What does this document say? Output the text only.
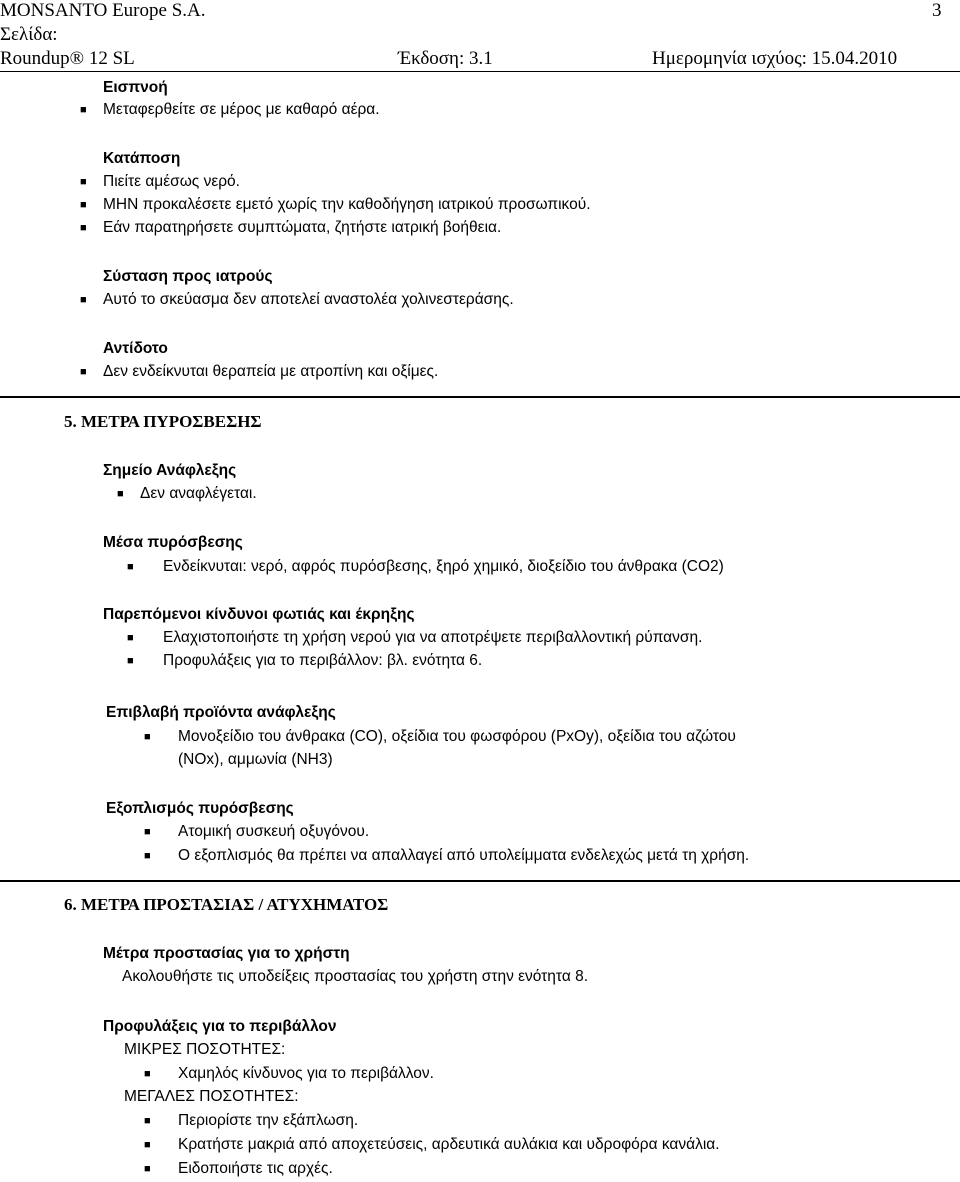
MONSANTO Europe S.A.	3
Σελίδα:
Roundup® 12 SL	Έκδοση: 3.1	Ημερομηνία ισχύος: 15.04.2010
Εισπνοή
■
Μεταφερθείτε σε μέρος με καθαρό αέρα.
Κατάποση
■
Πιείτε αμέσως νερό.
■
ΜΗΝ προκαλέσετε εμετό χωρίς την καθοδήγηση ιατρικού προσωπικού.
■
Εάν παρατηρήσετε συμπτώματα, ζητήστε ιατρική βοήθεια.
Σύσταση προς ιατρούς
■
Αυτό το σκεύασμα δεν αποτελεί αναστολέα χολινεστεράσης.
Αντίδοτο
■
Δεν ενδείκνυται θεραπεία με ατροπίνη και οξίμες.
5. ΜΕΤΡΑ ΠΥΡΟΣΒΕΣΗΣ
Σημείο Ανάφλεξης
■
Δεν αναφλέγεται.
Μέσα πυρόσβεσης
■
Ενδείκνυται: νερό, αφρός πυρόσβεσης, ξηρό χημικό, διοξείδιο του άνθρακα (CO2)
Παρεπόμενοι κίνδυνοι φωτιάς και έκρηξης
■
Ελαχιστοποιήστε τη χρήση νερού για να αποτρέψετε περιβαλλοντική ρύπανση.
■
Προφυλάξεις για το περιβάλλον: βλ. ενότητα 6.
Επιβλαβή προϊόντα ανάφλεξης
■
Μονοξείδιο του άνθρακα (CO), οξείδια του φωσφόρου (PxOy), οξείδια του αζώτου
(NOx), αμμωνία (NH3)
Εξοπλισμός πυρόσβεσης
■
Ατομική συσκευή οξυγόνου.
■
Ο εξοπλισμός θα πρέπει να απαλλαγεί από υπολείμματα ενδελεχώς μετά τη χρήση.
6. ΜΕΤΡΑ ΠΡΟΣΤΑΣΙΑΣ / ΑΤΥΧΗΜΑΤΟΣ
Μέτρα προστασίας για το χρήστη
Ακολουθήστε τις υποδείξεις προστασίας του χρήστη στην ενότητα 8.
Προφυλάξεις για το περιβάλλον
ΜΙΚΡΕΣ ΠΟΣΟΤΗΤΕΣ:
■
Χαμηλός κίνδυνος για το περιβάλλον.
ΜΕΓΑΛΕΣ ΠΟΣΟΤΗΤΕΣ:
■
Περιορίστε την εξάπλωση.
■
Κρατήστε μακριά από αποχετεύσεις, αρδευτικά αυλάκια και υδροφόρα κανάλια.
■
Ειδοποιήστε τις αρχές.
